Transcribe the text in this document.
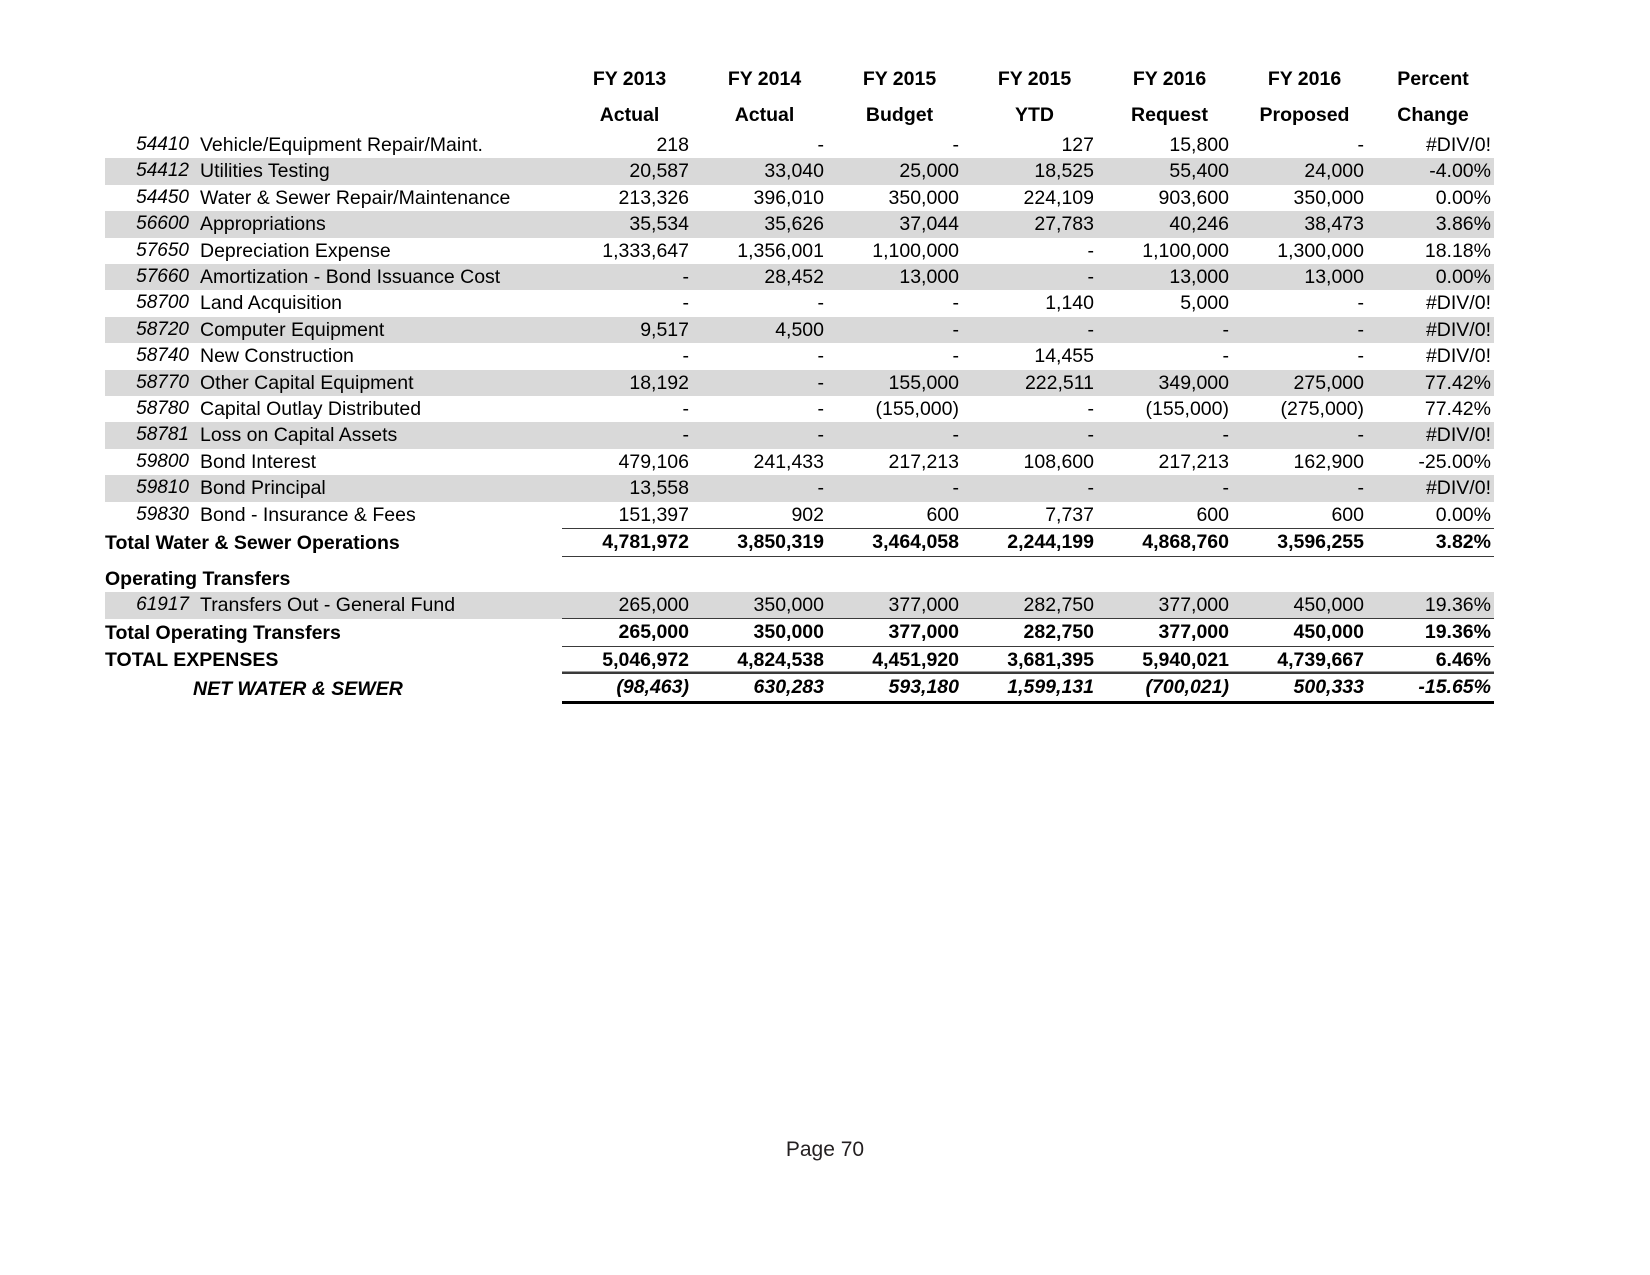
		FY 2013	FY 2014	FY 2015	FY 2015	FY 2016	FY 2016	Percent
		Actual	Actual	Budget	YTD	Request	Proposed	Change
54410	Vehicle/Equipment Repair/Maint.	218	-	-	127	15,800	-	#DIV/0!
54412	Utilities Testing	20,587	33,040	25,000	18,525	55,400	24,000	-4.00%
54450	Water & Sewer Repair/Maintenance	213,326	396,010	350,000	224,109	903,600	350,000	0.00%
56600	Appropriations	35,534	35,626	37,044	27,783	40,246	38,473	3.86%
57650	Depreciation Expense	1,333,647	1,356,001	1,100,000	-	1,100,000	1,300,000	18.18%
57660	Amortization - Bond Issuance Cost	-	28,452	13,000	-	13,000	13,000	0.00%
58700	Land Acquisition	-	-	-	1,140	5,000	-	#DIV/0!
58720	Computer Equipment	9,517	4,500	-	-	-	-	#DIV/0!
58740	New Construction	-	-	-	14,455	-	-	#DIV/0!
58770	Other Capital Equipment	18,192	-	155,000	222,511	349,000	275,000	77.42%
58780	Capital Outlay Distributed	-	-	(155,000)	-	(155,000)	(275,000)	77.42%
58781	Loss on Capital Assets	-	-	-	-	-	-	#DIV/0!
59800	Bond Interest	479,106	241,433	217,213	108,600	217,213	162,900	-25.00%
59810	Bond Principal	13,558	-	-	-	-	-	#DIV/0!
59830	Bond - Insurance & Fees	151,397	902	600	7,737	600	600	0.00%
Total Water & Sewer Operations		4,781,972	3,850,319	3,464,058	2,244,199	4,868,760	3,596,255	3.82%

Operating Transfers								
61917	Transfers Out - General Fund	265,000	350,000	377,000	282,750	377,000	450,000	19.36%
Total Operating Transfers		265,000	350,000	377,000	282,750	377,000	450,000	19.36%
TOTAL EXPENSES		5,046,972	4,824,538	4,451,920	3,681,395	5,940,021	4,739,667	6.46%
NET WATER & SEWER		(98,463)	630,283	593,180	1,599,131	(700,021)	500,333	-15.65%
Page 70
